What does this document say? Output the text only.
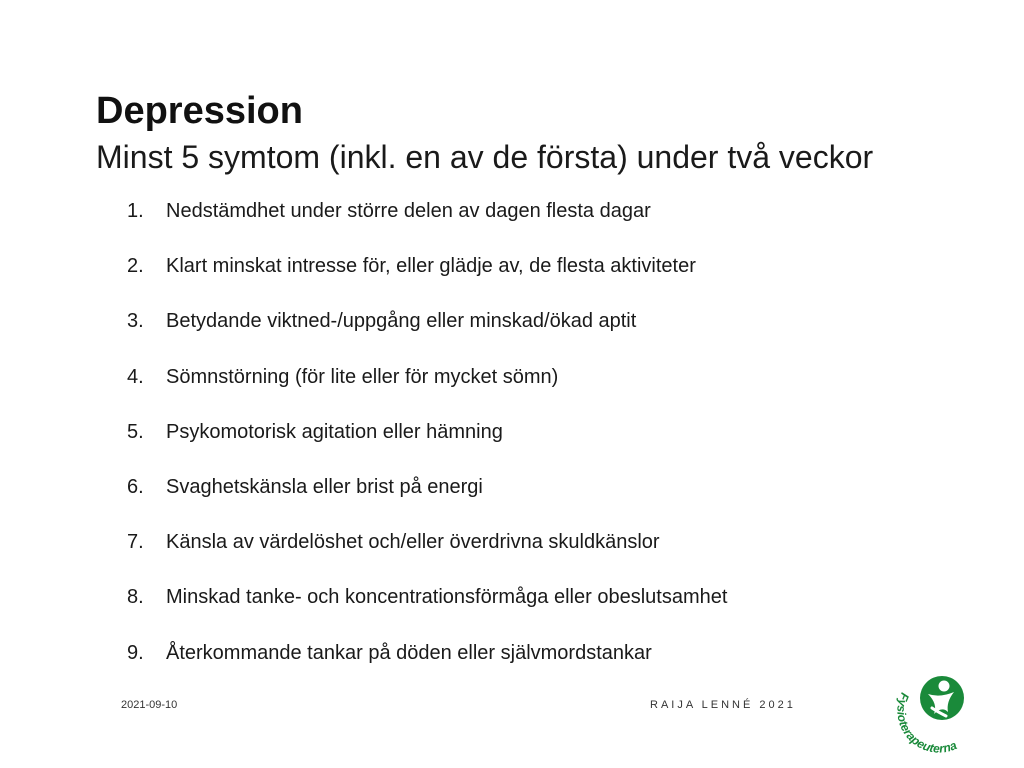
Depression
Minst 5 symtom (inkl. en av de första) under två veckor
1. Nedstämdhet under större delen av dagen flesta dagar
2. Klart minskat intresse för, eller glädje av, de flesta aktiviteter
3. Betydande viktned-/uppgång eller minskad/ökad aptit
4. Sömnstörning (för lite eller för mycket sömn)
5. Psykomotorisk agitation eller hämning
6. Svaghetskänsla eller brist på energi
7. Känsla av värdelöshet och/eller överdrivna skuldkänslor
8. Minskad tanke- och koncentrationsförmåga eller obeslutsamhet
9. Återkommande tankar på döden eller självmordstankar
2021-09-10	RAIJA LENNÉ 2021
Fysioterapeuterna
